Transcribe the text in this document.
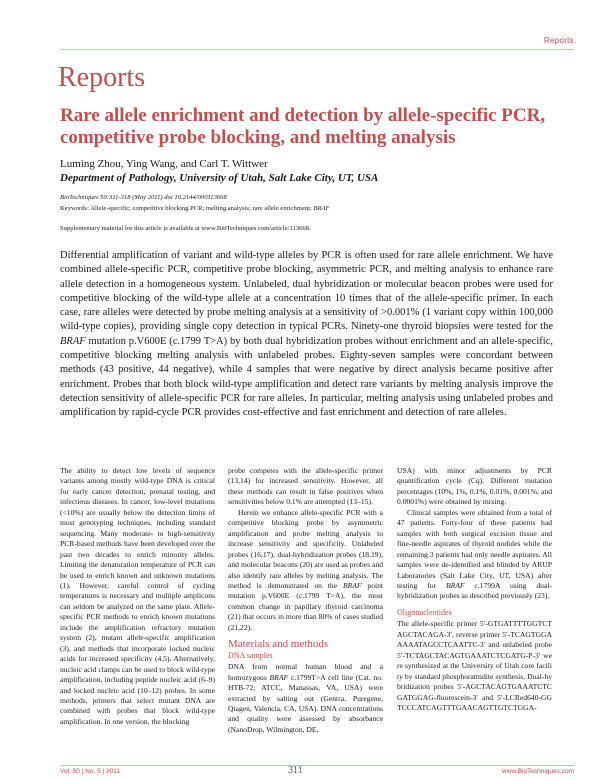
Reports
Reports
Rare allele enrichment and detection by allele-specific PCR, competitive probe blocking, and melting analysis
Luming Zhou, Ying Wang, and Carl T. Wittwer
Department of Pathology, University of Utah, Salt Lake City, UT, USA
BioTechniques 50:311-318 (May 2011) doi 10.2144/000113668
Keywords: Allele-specific; competitive blocking PCR; melting analysis; rare allele enrichment; BRAF
Supplementary material for this article is available at www.BioTechniques.com/article/113668.

Differential amplification of variant and wild-type alleles by PCR is often used for rare allele enrichment. We have combined allele-specific PCR, competitive probe blocking, asymmetric PCR, and melting analysis to enhance rare allele detection in a homogeneous system. Unlabeled, dual hybridization or molecular beacon probes were used for competitive blocking of the wild-type allele at a concentration 10 times that of the allele-specific primer. In each case, rare alleles were detected by probe melting analysis at a sensitivity of >0.001% (1 variant copy within 100,000 wild-type copies), providing single copy detection in typical PCRs. Ninety-one thyroid biopsies were tested for the BRAF mutation p.V600E (c.1799 T>A) by both dual hybridization probes without enrichment and an allele-specific, competitive blocking melting analysis with unlabeled probes. Eighty-seven samples were concordant between methods (43 positive, 44 negative), while 4 samples that were negative by direct analysis became positive after enrichment. Probes that both block wild-type amplification and detect rare variants by melting analysis improve the detection sensitivity of allele-specific PCR for rare alleles. In particular, melting analysis using unlabeled probes and amplification by rapid-cycle PCR provides cost-effective and fast enrichment and detection of rare alleles.

The ability to detect low levels of sequence variants among mostly wild-type DNA is critical for early cancer detection, prenatal testing, and infectious diseases. In cancer, low-level mutations (<10%) are usually below the detection limits of most genotyping techniques, including standard sequencing. Many moderate- to high-sensitivity PCR-based methods have been developed over the past two decades to enrich minority alleles. Limiting the denaturation temperature of PCR can be used to enrich known and unknown mutations (1). However, careful control of cycling temperatures is necessary and multiple amplicons can seldom be analyzed on the same plate. Allele-specific PCR methods to enrich known mutations include the amplification refractory mutation system (2), mutant allele-specific amplification (3), and methods that incorporate locked nucleic acids for increased specificity (4,5). Alternatively, nucleic acid clamps can be used to block wild-type amplification, including peptide nucleic acid (6–9) and locked nucleic acid (10–12) probes. In some methods, primers that select mutant DNA are combined with probes that block wild-type amplification. In one version, the blocking

probe competes with the allele-specific primer (13,14) for increased sensitivity. However, all these methods can result in false positives when sensitivities below 0.1% are attempted (13–15).

Herein we enhance allele-specific PCR with a competitive blocking probe by asymmetric amplification and probe melting analysis to increase sensitivity and specificity. Unlabeled probes (16,17), dual-hybridization probes (18,19), and molecular beacons (20) are used as probes and also identify rare alleles by melting analysis. The method is demonstrated on the BRAF point mutation p.V600E (c.1799 T>A), the most common change in papillary thyroid carcinoma (21) that occurs in more than 80% of cases studied (21,22).

Materials and methods
DNA samples

DNA from normal human blood and a homozygous BRAF c.1799T>A cell line (Cat. no. HTB-72; ATCC, Manassas, VA, USA) were extracted by salting out (Gentra, Puregene, Qiagen, Valencia, CA, USA). DNA concentrations and quality were assessed by absorbance (NanoDrop, Wilmington, DE,

USA) with minor adjustments by PCR quantification cycle (Cq). Different mutation percentages (10%, 1%, 0.1%, 0.01%, 0.001%, and 0.0001%) were obtained by mixing.

Clinical samples were obtained from a total of 47 patients. Forty-four of these patients had samples with both surgical excision tissue and fine-needle aspirates of thyroid nodules while the remaining 3 patients had only needle aspirates. All samples were de-identified and blinded by ARUP Laboratories (Salt Lake City, UT, USA) after testing for BRAF c.1799A using dual-hybridization probes as described previously (23).

Oligonucleotides

The allele-specific primer 5′-GTGATTTTGGTCTAGCTACAGA-3′, reverse primer 5′-TCAGTGGAAAAATAGCCTCAATTC-3′ and unlabeled probe 5′-TCTAGCTACAGTGAAATCTCGATG-P-3′ were synthesized at the University of Utah core facility by standard phosphoramidite synthesis. Dual-hybridization probes 5′-AGCTACAGTGAAATCTCGATGGAG-fluorescein-3′ and 5′-LCRed640-GGTCCCATCAGTTTGAACAGTTGTCTGGA-

Vol. 50 | No. 5 | 2011	311	www.BioTechniques.com
